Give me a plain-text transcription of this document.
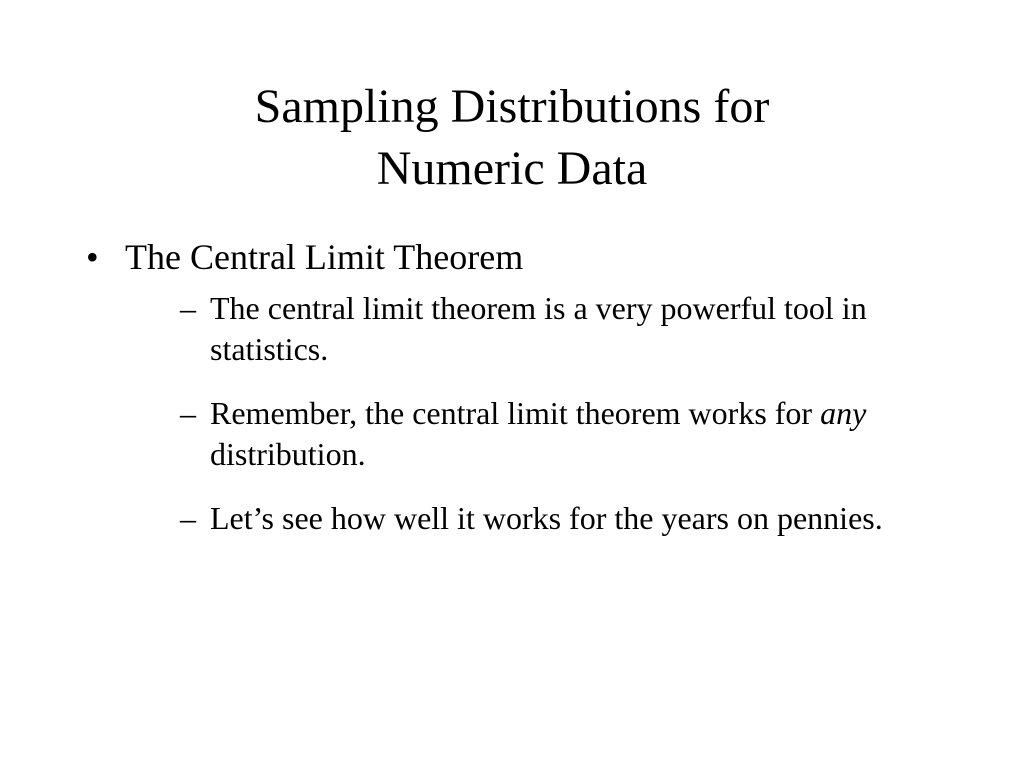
Sampling Distributions for
Numeric Data
• The Central Limit Theorem
– The central limit theorem is a very powerful tool in statistics.
– Remember, the central limit theorem works for any distribution.
– Let’s see how well it works for the years on pennies.
